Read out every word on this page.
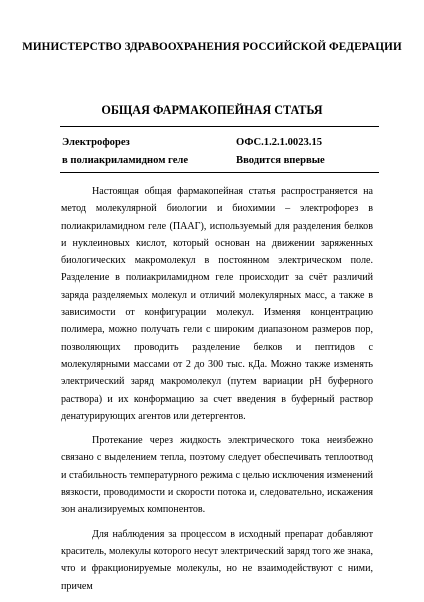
МИНИСТЕРСТВО ЗДРАВООХРАНЕНИЯ РОССИЙСКОЙ ФЕДЕРАЦИИ
ОБЩАЯ ФАРМАКОПЕЙНАЯ СТАТЬЯ
Электрофорез
в полиакриламидном геле
ОФС.1.2.1.0023.15
Вводится впервые

Настоящая общая фармакопейная статья распространяется на метод молекулярной биологии и биохимии – электрофорез в полиакриламидном геле (ПААГ), используемый для разделения белков и нуклеиновых кислот, который основан на движении заряженных биологических макромолекул в постоянном электрическом поле. Разделение в полиакриламидном геле происходит за счёт различий заряда разделяемых молекул и отличий молекулярных масс, а также в зависимости от конфигурации молекул. Изменяя концентрацию полимера, можно получать гели с широким диапазоном размеров пор, позволяющих проводить разделение белков и пептидов с молекулярными массами от 2 до 300 тыс. кДа. Можно также изменять электрический заряд макромолекул (путем вариации pH буферного раствора) и их конформацию за счет введения в буферный раствор денатурирующих агентов или детергентов.

Протекание через жидкость электрического тока неизбежно связано с выделением тепла, поэтому следует обеспечивать теплоотвод и стабильность температурного режима с целью исключения изменений вязкости, проводимости и скорости потока и, следовательно, искажения зон анализируемых компонентов.

Для наблюдения за процессом в исходный препарат добавляют краситель, молекулы которого несут электрический заряд того же знака, что и фракционируемые молекулы, но не взаимодействуют с ними, причем
